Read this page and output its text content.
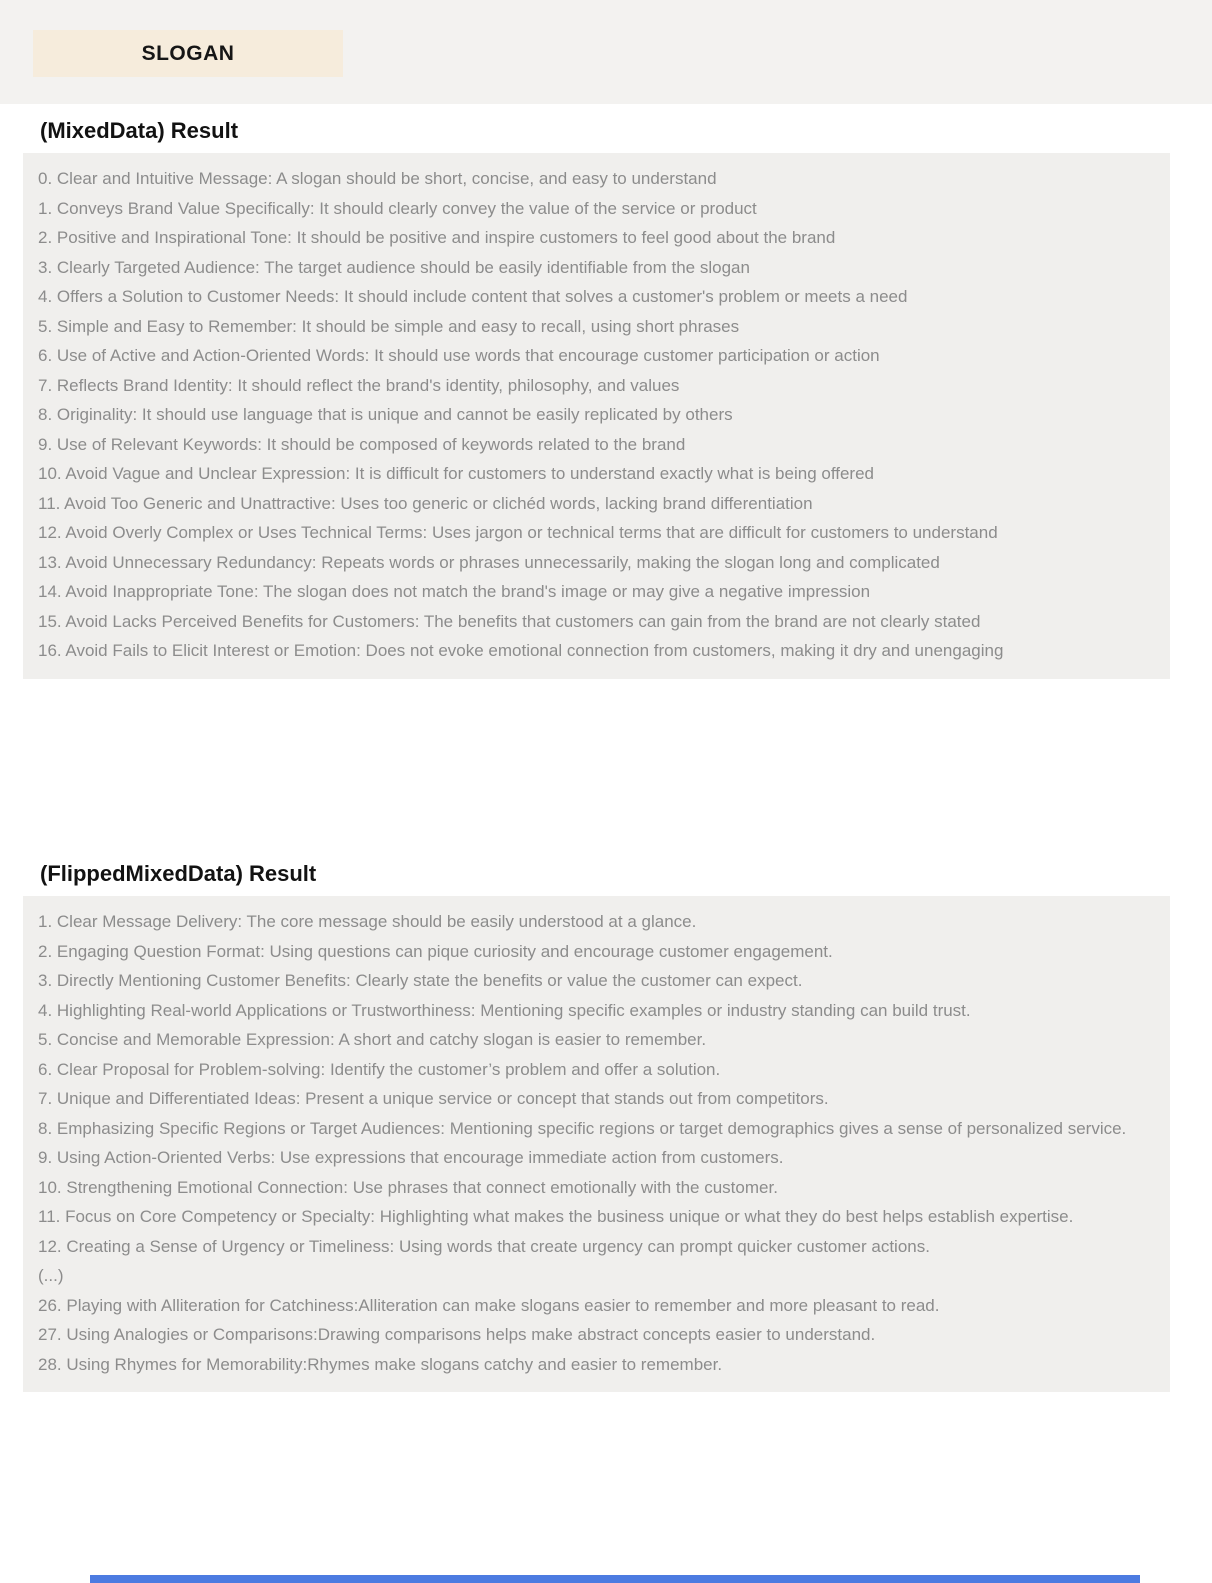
SLOGAN
(MixedData) Result
0. Clear and Intuitive Message: A slogan should be short, concise, and easy to understand
1. Conveys Brand Value Specifically: It should clearly convey the value of the service or product
2. Positive and Inspirational Tone: It should be positive and inspire customers to feel good about the brand
3. Clearly Targeted Audience: The target audience should be easily identifiable from the slogan
4. Offers a Solution to Customer Needs: It should include content that solves a customer's problem or meets a need
5. Simple and Easy to Remember: It should be simple and easy to recall, using short phrases
6. Use of Active and Action-Oriented Words: It should use words that encourage customer participation or action
7. Reflects Brand Identity: It should reflect the brand's identity, philosophy, and values
8. Originality: It should use language that is unique and cannot be easily replicated by others
9. Use of Relevant Keywords: It should be composed of keywords related to the brand
10. Avoid Vague and Unclear Expression: It is difficult for customers to understand exactly what is being offered
11. Avoid Too Generic and Unattractive: Uses too generic or clichéd words, lacking brand differentiation
12. Avoid Overly Complex or Uses Technical Terms: Uses jargon or technical terms that are difficult for customers to understand
13. Avoid Unnecessary Redundancy: Repeats words or phrases unnecessarily, making the slogan long and complicated
14. Avoid Inappropriate Tone: The slogan does not match the brand's image or may give a negative impression
15. Avoid Lacks Perceived Benefits for Customers: The benefits that customers can gain from the brand are not clearly stated
16. Avoid Fails to Elicit Interest or Emotion: Does not evoke emotional connection from customers, making it dry and unengaging
(FlippedMixedData) Result
1. Clear Message Delivery: The core message should be easily understood at a glance.
2. Engaging Question Format: Using questions can pique curiosity and encourage customer engagement.
3. Directly Mentioning Customer Benefits: Clearly state the benefits or value the customer can expect.
4. Highlighting Real-world Applications or Trustworthiness: Mentioning specific examples or industry standing can build trust.
5. Concise and Memorable Expression: A short and catchy slogan is easier to remember.
6. Clear Proposal for Problem-solving: Identify the customer’s problem and offer a solution.
7. Unique and Differentiated Ideas: Present a unique service or concept that stands out from competitors.
8. Emphasizing Specific Regions or Target Audiences: Mentioning specific regions or target demographics gives a sense of personalized service.
9. Using Action-Oriented Verbs: Use expressions that encourage immediate action from customers.
10. Strengthening Emotional Connection: Use phrases that connect emotionally with the customer.
11. Focus on Core Competency or Specialty: Highlighting what makes the business unique or what they do best helps establish expertise.
12. Creating a Sense of Urgency or Timeliness: Using words that create urgency can prompt quicker customer actions.
(...)
26. Playing with Alliteration for Catchiness:Alliteration can make slogans easier to remember and more pleasant to read.
27. Using Analogies or Comparisons:Drawing comparisons helps make abstract concepts easier to understand.
28. Using Rhymes for Memorability:Rhymes make slogans catchy and easier to remember.
